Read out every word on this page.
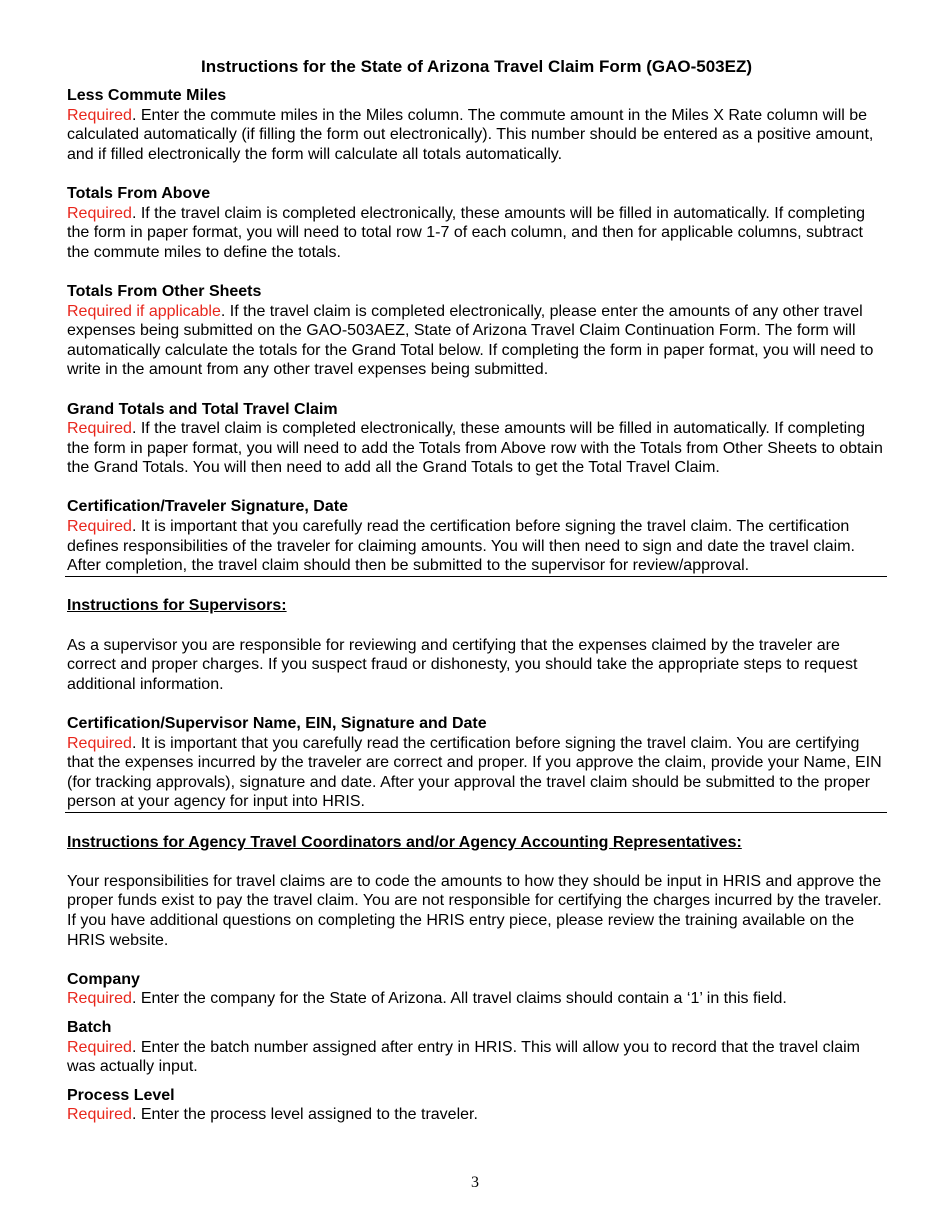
Instructions for the State of Arizona Travel Claim Form (GAO-503EZ)
Less Commute Miles
Required. Enter the commute miles in the Miles column. The commute amount in the Miles X Rate column will be calculated automatically (if filling the form out electronically). This number should be entered as a positive amount, and if filled electronically the form will calculate all totals automatically.
Totals From Above
Required. If the travel claim is completed electronically, these amounts will be filled in automatically. If completing the form in paper format, you will need to total row 1-7 of each column, and then for applicable columns, subtract the commute miles to define the totals.
Totals From Other Sheets
Required if applicable. If the travel claim is completed electronically, please enter the amounts of any other travel expenses being submitted on the GAO-503AEZ, State of Arizona Travel Claim Continuation Form. The form will automatically calculate the totals for the Grand Total below. If completing the form in paper format, you will need to write in the amount from any other travel expenses being submitted.
Grand Totals and Total Travel Claim
Required. If the travel claim is completed electronically, these amounts will be filled in automatically. If completing the form in paper format, you will need to add the Totals from Above row with the Totals from Other Sheets to obtain the Grand Totals. You will then need to add all the Grand Totals to get the Total Travel Claim.
Certification/Traveler Signature, Date
Required. It is important that you carefully read the certification before signing the travel claim. The certification defines responsibilities of the traveler for claiming amounts. You will then need to sign and date the travel claim. After completion, the travel claim should then be submitted to the supervisor for review/approval.
Instructions for Supervisors:
As a supervisor you are responsible for reviewing and certifying that the expenses claimed by the traveler are correct and proper charges. If you suspect fraud or dishonesty, you should take the appropriate steps to request additional information.
Certification/Supervisor Name, EIN, Signature and Date
Required. It is important that you carefully read the certification before signing the travel claim. You are certifying that the expenses incurred by the traveler are correct and proper. If you approve the claim, provide your Name, EIN (for tracking approvals), signature and date. After your approval the travel claim should be submitted to the proper person at your agency for input into HRIS.
Instructions for Agency Travel Coordinators and/or Agency Accounting Representatives:
Your responsibilities for travel claims are to code the amounts to how they should be input in HRIS and approve the proper funds exist to pay the travel claim. You are not responsible for certifying the charges incurred by the traveler. If you have additional questions on completing the HRIS entry piece, please review the training available on the HRIS website.
Company
Required. Enter the company for the State of Arizona. All travel claims should contain a ‘1’ in this field.
Batch
Required. Enter the batch number assigned after entry in HRIS. This will allow you to record that the travel claim was actually input.
Process Level
Required. Enter the process level assigned to the traveler.
3
